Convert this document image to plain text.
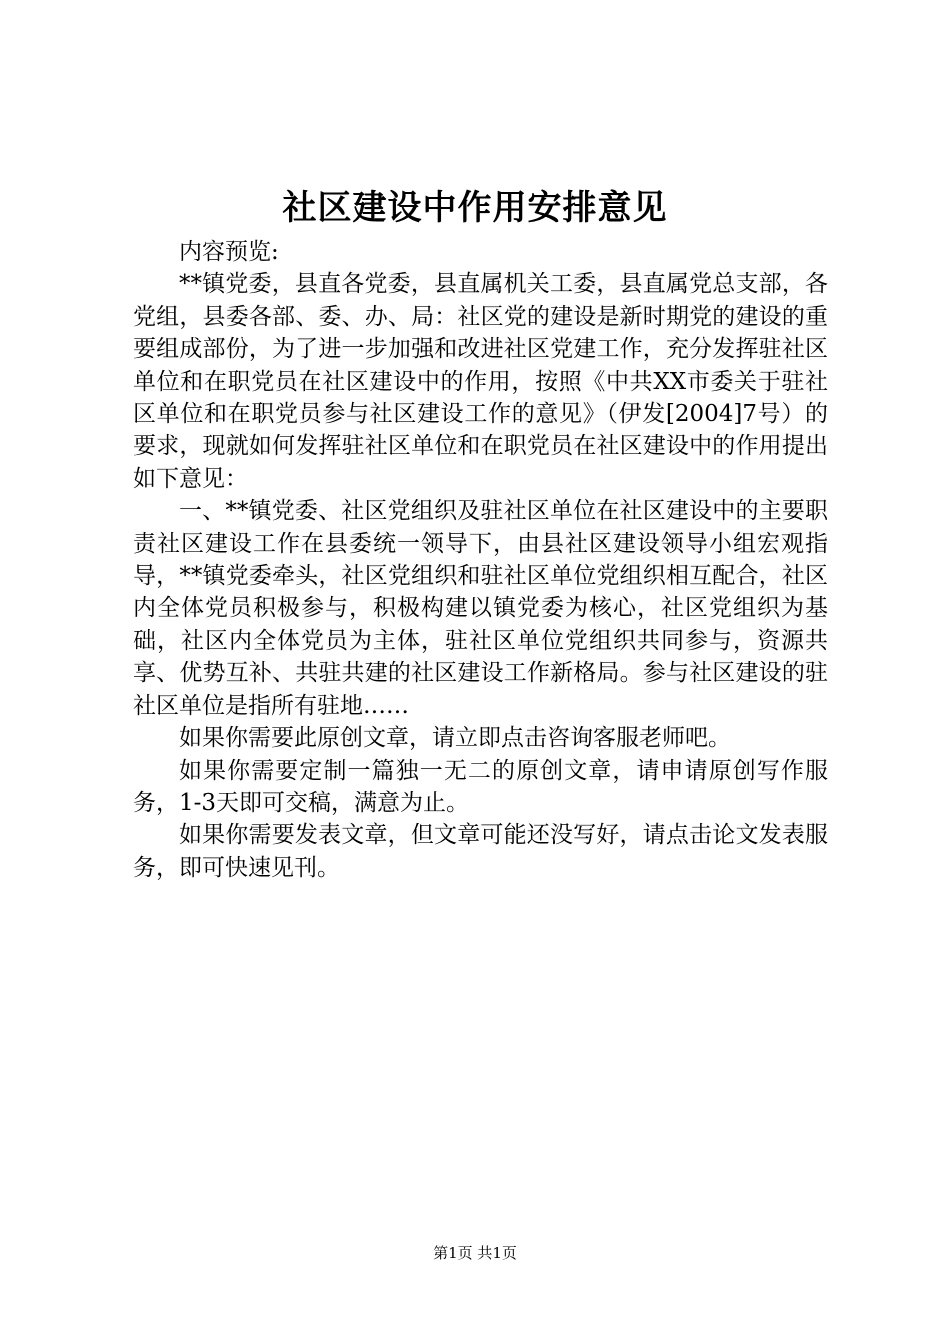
社区建设中作用安排意见

内容预览:

**镇党委，县直各党委，县直属机关工委，县直属党总支部，各党组，县委各部、委、办、局：社区党的建设是新时期党的建设的重要组成部份，为了进一步加强和改进社区党建工作，充分发挥驻社区单位和在职党员在社区建设中的作用，按照《中共XX市委关于驻社区单位和在职党员参与社区建设工作的意见》（伊发[2004]7号）的要求，现就如何发挥驻社区单位和在职党员在社区建设中的作用提出如下意见：

一、**镇党委、社区党组织及驻社区单位在社区建设中的主要职责社区建设工作在县委统一领导下，由县社区建设领导小组宏观指导，**镇党委牵头，社区党组织和驻社区单位党组织相互配合，社区内全体党员积极参与，积极构建以镇党委为核心，社区党组织为基础，社区内全体党员为主体，驻社区单位党组织共同参与，资源共享、优势互补、共驻共建的社区建设工作新格局。参与社区建设的驻社区单位是指所有驻地……

如果你需要此原创文章，请立即点击咨询客服老师吧。

如果你需要定制一篇独一无二的原创文章，请申请原创写作服务，1-3天即可交稿，满意为止。

如果你需要发表文章，但文章可能还没写好，请点击论文发表服务，即可快速见刊。

第1页 共1页
